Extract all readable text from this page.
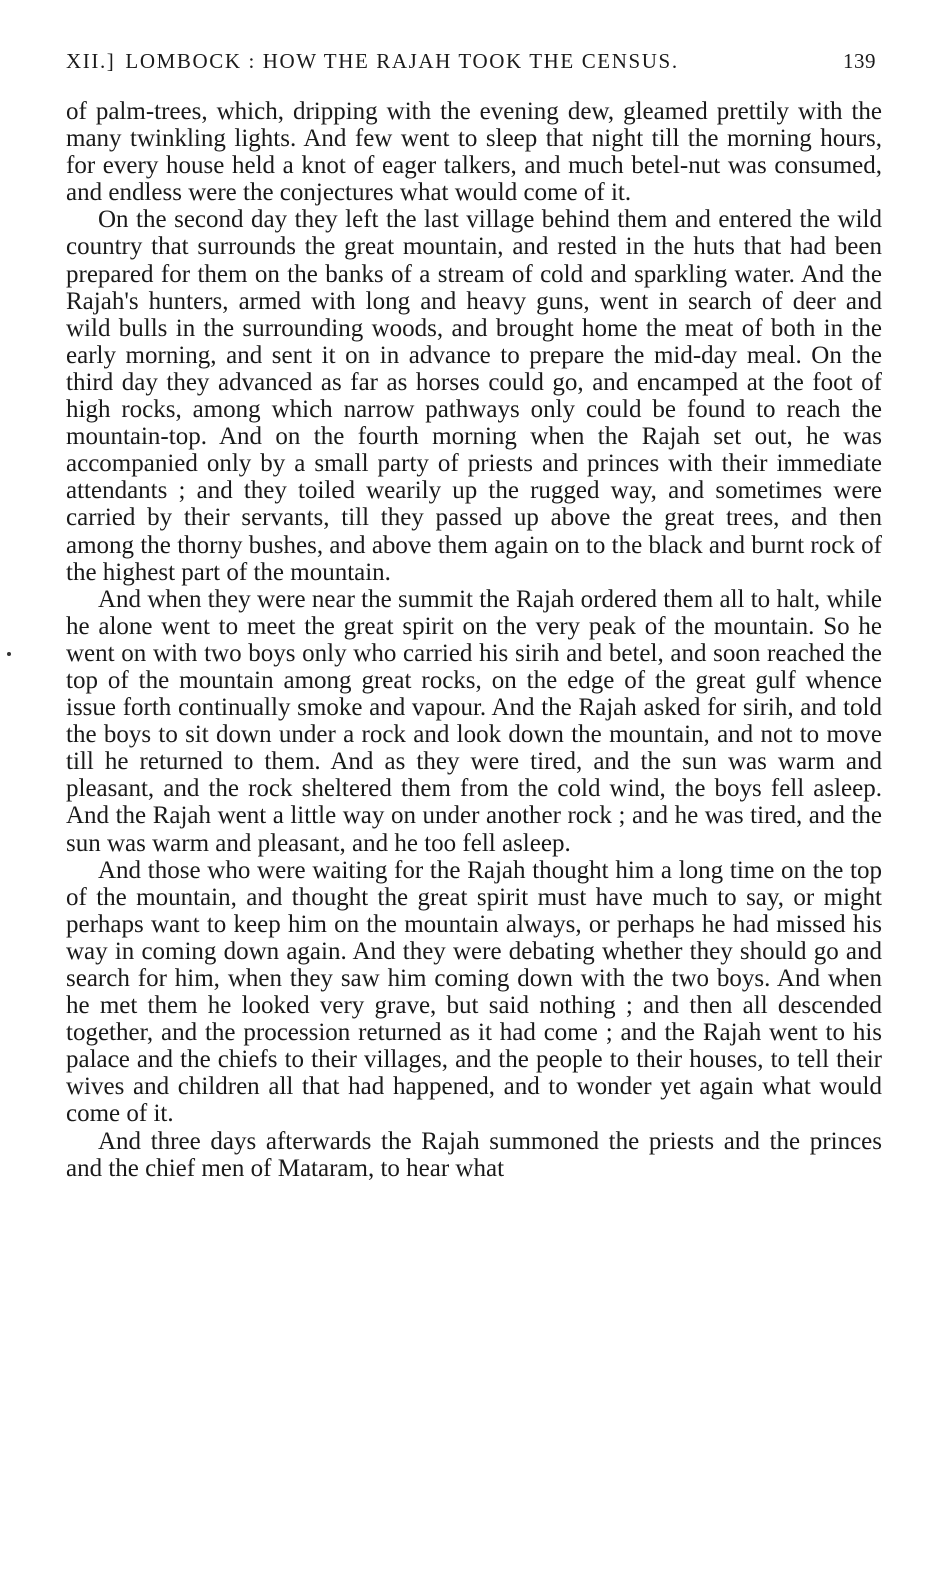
XII.] LOMBOCK : HOW THE RAJAH TOOK THE CENSUS.	139

of palm-trees, which, dripping with the evening dew, gleamed prettily with the many twinkling lights. And few went to sleep that night till the morning hours, for every house held a knot of eager talkers, and much betel-nut was consumed, and endless were the conjectures what would come of it.

On the second day they left the last village behind them and entered the wild country that surrounds the great mountain, and rested in the huts that had been prepared for them on the banks of a stream of cold and sparkling water. And the Rajah's hunters, armed with long and heavy guns, went in search of deer and wild bulls in the surrounding woods, and brought home the meat of both in the early morning, and sent it on in advance to prepare the mid-day meal. On the third day they advanced as far as horses could go, and encamped at the foot of high rocks, among which narrow pathways only could be found to reach the mountain-top. And on the fourth morning when the Rajah set out, he was accompanied only by a small party of priests and princes with their immediate attendants ; and they toiled wearily up the rugged way, and sometimes were carried by their servants, till they passed up above the great trees, and then among the thorny bushes, and above them again on to the black and burnt rock of the highest part of the mountain.

And when they were near the summit the Rajah ordered them all to halt, while he alone went to meet the great spirit on the very peak of the mountain. So he went on with two boys only who carried his sirih and betel, and soon reached the top of the mountain among great rocks, on the edge of the great gulf whence issue forth continually smoke and vapour. And the Rajah asked for sirih, and told the boys to sit down under a rock and look down the mountain, and not to move till he returned to them. And as they were tired, and the sun was warm and pleasant, and the rock sheltered them from the cold wind, the boys fell asleep. And the Rajah went a little way on under another rock ; and he was tired, and the sun was warm and pleasant, and he too fell asleep.

And those who were waiting for the Rajah thought him a long time on the top of the mountain, and thought the great spirit must have much to say, or might perhaps want to keep him on the mountain always, or perhaps he had missed his way in coming down again. And they were debating whether they should go and search for him, when they saw him coming down with the two boys. And when he met them he looked very grave, but said nothing ; and then all descended together, and the procession returned as it had come ; and the Rajah went to his palace and the chiefs to their villages, and the people to their houses, to tell their wives and children all that had happened, and to wonder yet again what would come of it.

And three days afterwards the Rajah summoned the priests and the princes and the chief men of Mataram, to hear what
